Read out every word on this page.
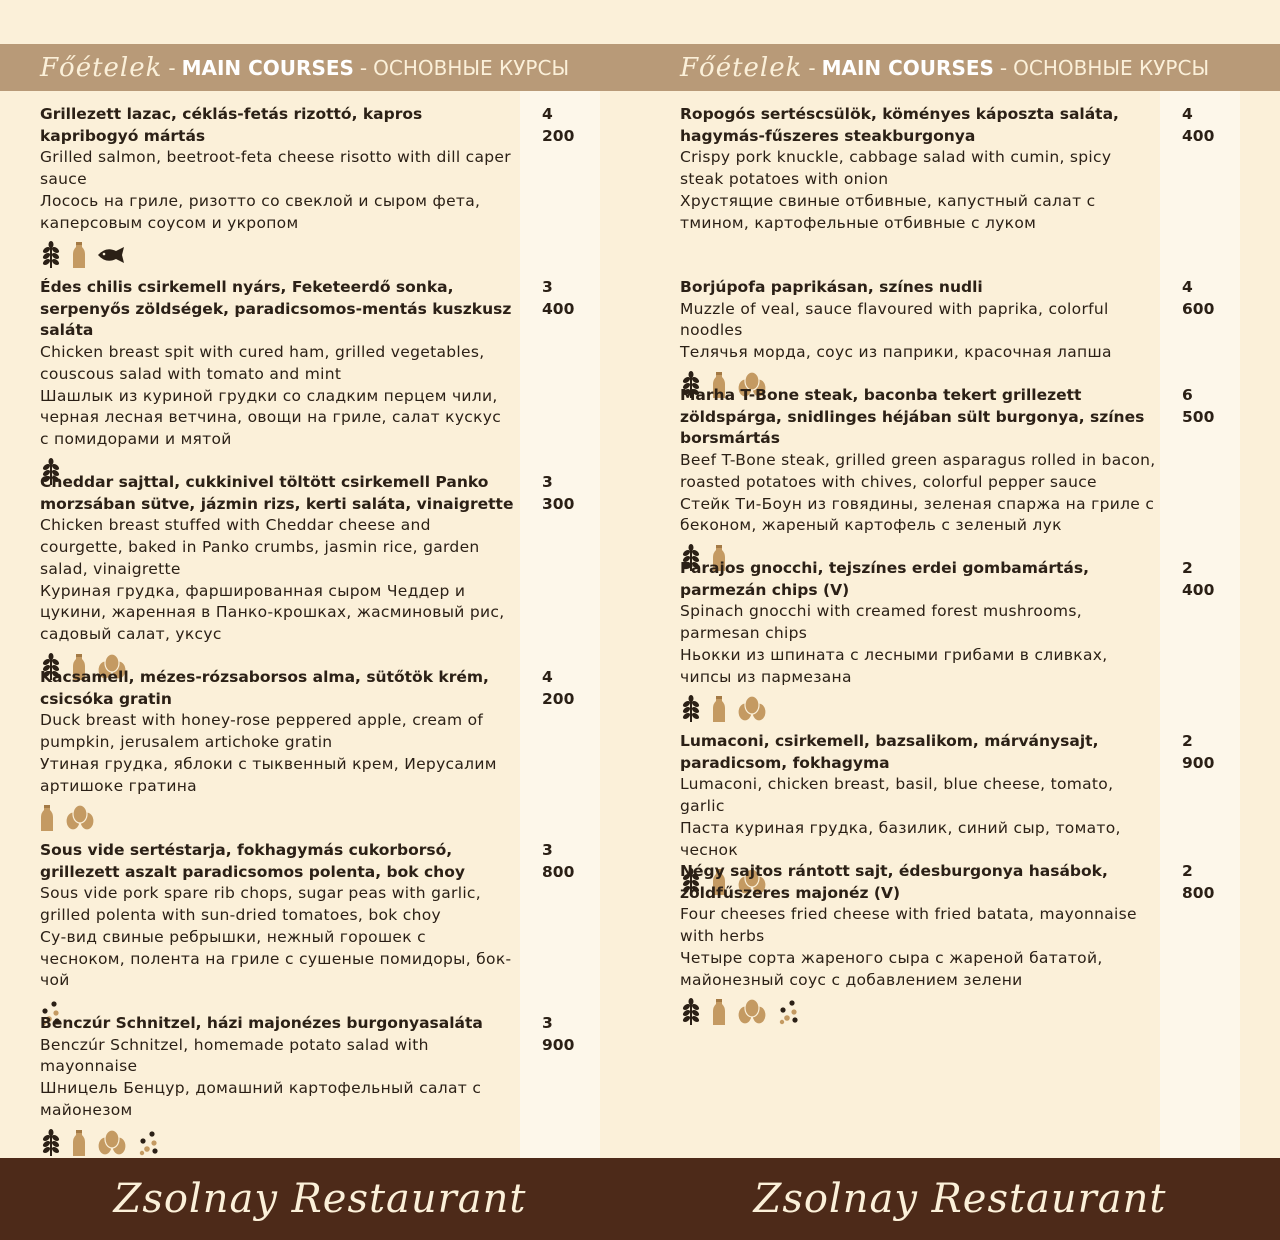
Főételek - MAIN COURSES - ОСНОВНЫЕ КУРСЫ

Grillezett lazac, céklás-fetás rizottó, kapros kapribogyó mártás

Grilled salmon, beetroot-feta cheese risotto with dill caper sauce

Лосось на гриле, ризотто со свеклой и сыром фета, каперсовым соусом и укропом

4 200

Édes chilis csirkemell nyárs, Feketeerdő sonka, serpenyős zöldségek, paradicsomos-mentás kuszkusz saláta

Chicken breast spit with cured ham, grilled vegetables, couscous salad with tomato and mint

Шашлык из куриной грудки со сладким перцем чили, черная лесная ветчина, овощи на гриле, салат кускус с помидорами и мятой

3 400

Cheddar sajttal, cukkinivel töltött csirkemell Panko morzsában sütve, jázmin rizs, kerti saláta, vinaigrette

Chicken breast stuffed with Cheddar cheese and courgette, baked in Panko crumbs, jasmin rice, garden salad, vinaigrette

Куриная грудка, фаршированная сыром Чеддер и цукини, жаренная в Панко-крошках, жасминовый рис, садовый салат, уксус

3 300

Kacsamell, mézes-rózsaborsos alma, sütőtök krém, csicsóka gratin

Duck breast with honey-rose peppered apple, cream of pumpkin, jerusalem artichoke gratin

Утиная грудка, яблоки с тыквенный крем, Иерусалим артишоке гратина

4 200

Sous vide sertéstarja, fokhagymás cukorborsó, grillezett aszalt paradicsomos polenta, bok choy

Sous vide pork spare rib chops, sugar peas with garlic, grilled polenta with sun-dried tomatoes, bok choy

Су-вид свиные ребрышки, нежный горошек с чесноком, полента на гриле с сушеные помидоры, бок-чой

3 800

Benczúr Schnitzel, házi majonézes burgonyasaláta

Benczúr Schnitzel, homemade potato salad with mayonnaise

Шницель Бенцур, домашний картофельный салат с майонезом

3 900
Zsolnay Restaurant
Főételek - MAIN COURSES - ОСНОВНЫЕ КУРСЫ

Ropogós sertéscsülök, köményes káposzta saláta, hagymás-fűszeres steakburgonya

Crispy pork knuckle, cabbage salad with cumin, spicy steak potatoes with onion

Хрустящие свиные отбивные, капустный салат с тмином, картофельные отбивные с луком

4 400

Borjúpofa paprikásan, színes nudli

Muzzle of veal, sauce flavoured with paprika, colorful noodles

Телячья морда, соус из паприки, красочная лапша

4 600

Marha T-Bone steak, baconba tekert grillezett zöldspárga, snidlinges héjában sült burgonya, színes borsmártás

Beef T-Bone steak, grilled green asparagus rolled in bacon, roasted potatoes with chives, colorful pepper sauce

Стейк Ти-Боун из говядины, зеленая спаржа на гриле с беконом, жареный картофель с зеленый лук

6 500

Parajos gnocchi, tejszínes erdei gombamártás, parmezán chips (V)

Spinach gnocchi with creamed forest mushrooms, parmesan chips

Ньокки из шпината с лесными грибами в сливках, чипсы из пармезана

2 400

Lumaconi, csirkemell, bazsalikom, márványsajt, paradicsom, fokhagyma

Lumaconi, chicken breast, basil, blue cheese, tomato, garlic

Паста куриная грудка, базилик, синий сыр, томато, чеснок

2 900

Négy sajtos rántott sajt, édesburgonya hasábok, zöldfűszeres majonéz (V)

Four cheeses fried cheese with fried batata, mayonnaise with herbs

Четыре сорта жареного сыра с жареной бататой, майонезный соус с добавлением зелени

2 800
Zsolnay Restaurant
